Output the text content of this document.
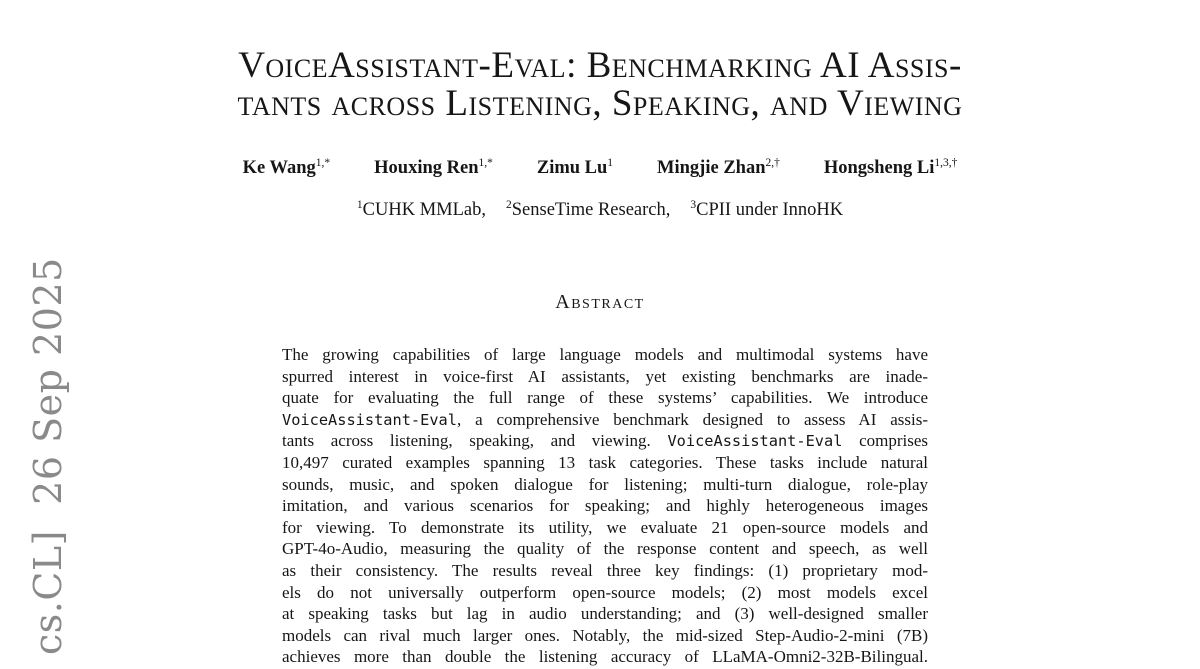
cs.CL]  26 Sep 2025
VoiceAssistant-Eval: Benchmarking AI Assis-
tants across Listening, Speaking, and Viewing
Ke Wang$^{1,*}$ Houxing Ren$^{1,*}$ Zimu Lu$^1$ Mingjie Zhan$^{2,\dagger}$ Hongsheng $Li^{1,3,\dagger}$
$^1$CUHK MMLab, $^2$SenseTime Research, $^3$CPII under InnoHK
Abstract
The growing capabilities of large language models and multimodal systems have
spurred interest in voice-first AI assistants, yet existing benchmarks are inade-
quate for evaluating the full range of these systems’ capabilities. We introduce
VoiceAssistant-Eval, a comprehensive benchmark designed to assess AI assis-
tants across listening, speaking, and viewing. VoiceAssistant-Eval comprises
10,497 curated examples spanning 13 task categories. These tasks include natural
sounds, music, and spoken dialogue for listening; multi-turn dialogue, role-play
imitation, and various scenarios for speaking; and highly heterogeneous images
for viewing. To demonstrate its utility, we evaluate 21 open-source models and
GPT-4o-Audio, measuring the quality of the response content and speech, as well
as their consistency. The results reveal three key findings: (1) proprietary mod-
els do not universally outperform open-source models; (2) most models excel
at speaking tasks but lag in audio understanding; and (3) well-designed smaller
models can rival much larger ones. Notably, the mid-sized Step-Audio-2-mini (7B)
achieves more than double the listening accuracy of LLaMA-Omni2-32B-Bilingual.
